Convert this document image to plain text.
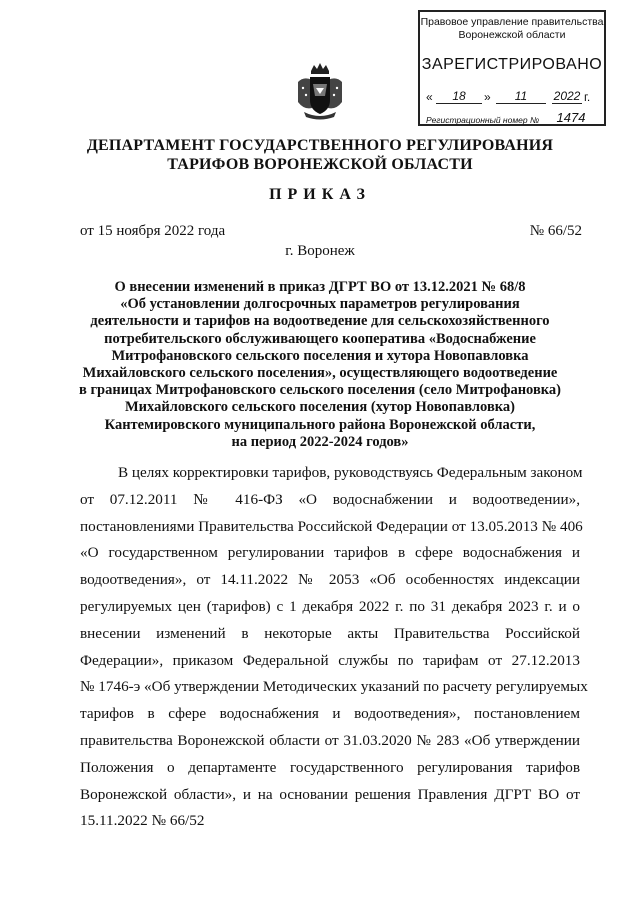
Правовое управление правительства
Воронежской области
ЗАРЕГИСТРИРОВАНО
«	18	»	11	2022 г.
Регистрационный номер №	1474
ДЕПАРТАМЕНТ ГОСУДАРСТВЕННОГО РЕГУЛИРОВАНИЯ
ТАРИФОВ ВОРОНЕЖСКОЙ ОБЛАСТИ
ПРИКАЗ
от 15 ноября 2022 года	№ 66/52
г. Воронеж
О внесении изменений в приказ ДГРТ ВО от 13.12.2021 № 68/8
«Об установлении долгосрочных параметров регулирования
деятельности и тарифов на водоотведение для сельскохозяйственного
потребительского обслуживающего кооператива «Водоснабжение
Митрофановского сельского поселения и хутора Новопавловка
Михайловского сельского поселения», осуществляющего водоотведение
в границах Митрофановского сельского поселения (село Митрофановка)
Михайловского сельского поселения (хутор Новопавловка)
Кантемировского муниципального района Воронежской области,
на период 2022-2024 годов»
В целях корректировки тарифов, руководствуясь Федеральным законом
от 07.12.2011 № 416-ФЗ «О водоснабжении и водоотведении»,
постановлениями Правительства Российской Федерации от 13.05.2013 № 406
«О государственном регулировании тарифов в сфере водоснабжения и
водоотведения», от 14.11.2022 № 2053 «Об особенностях индексации
регулируемых цен (тарифов) с 1 декабря 2022 г. по 31 декабря 2023 г. и о
внесении изменений в некоторые акты Правительства Российской
Федерации», приказом Федеральной службы по тарифам от 27.12.2013
№ 1746-э «Об утверждении Методических указаний по расчету регулируемых
тарифов в сфере водоснабжения и водоотведения», постановлением
правительства Воронежской области от 31.03.2020 № 283 «Об утверждении
Положения о департаменте государственного регулирования тарифов
Воронежской области», и на основании решения Правления ДГРТ ВО от
15.11.2022 № 66/52
